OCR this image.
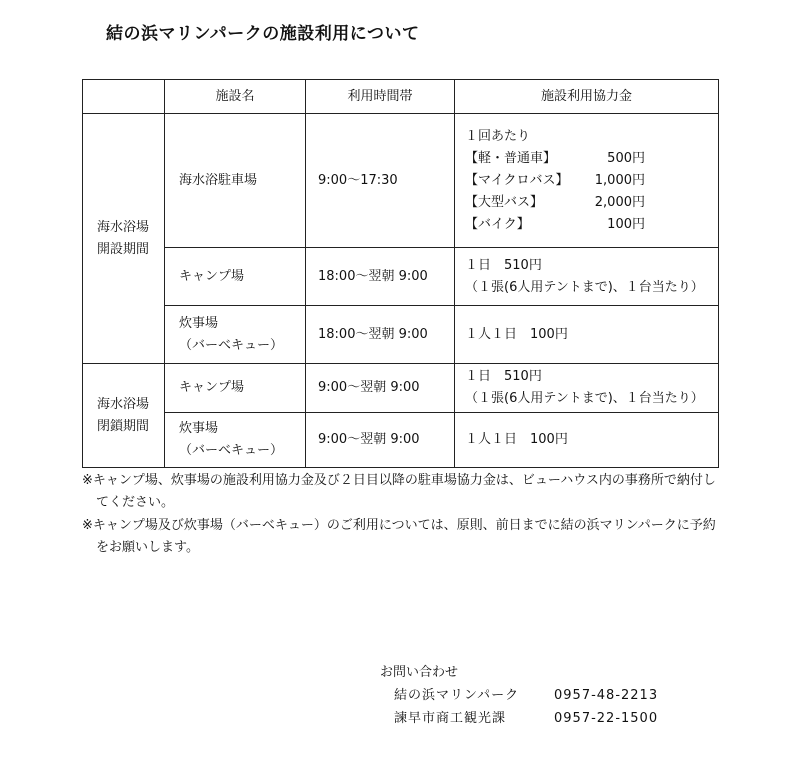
結の浜マリンパークの施設利用について
	施設名	利用時間帯	施設利用協力金

海水浴場
開設期間	海水浴駐車場	9:00～17:30	１回あたり
【軽・普通車】 500円
【マイクロバス】 1,000円
【大型バス】 2,000円
【バイク】 100円

	キャンプ場	18:00～翌朝 9:00	１日　510円
（１張(6人用テントまで)、１台当たり）

	炊事場
（バーベキュー）	18:00～翌朝 9:00	１人１日　100円

海水浴場
閉鎖期間	キャンプ場	9:00～翌朝 9:00	１日　510円
（１張(6人用テントまで)、１台当たり）

	炊事場
（バーベキュー）	9:00～翌朝 9:00	１人１日　100円
※キャンプ場、炊事場の施設利用協力金及び２日目以降の駐車場協力金は、ビューハウス内の事務所で納付してください。
※キャンプ場及び炊事場（バーベキュー）のご利用については、原則、前日までに結の浜マリンパークに予約をお願いします。
お問い合わせ
結の浜マリンパーク	0957-48-2213
諫早市商工観光課	0957-22-1500
